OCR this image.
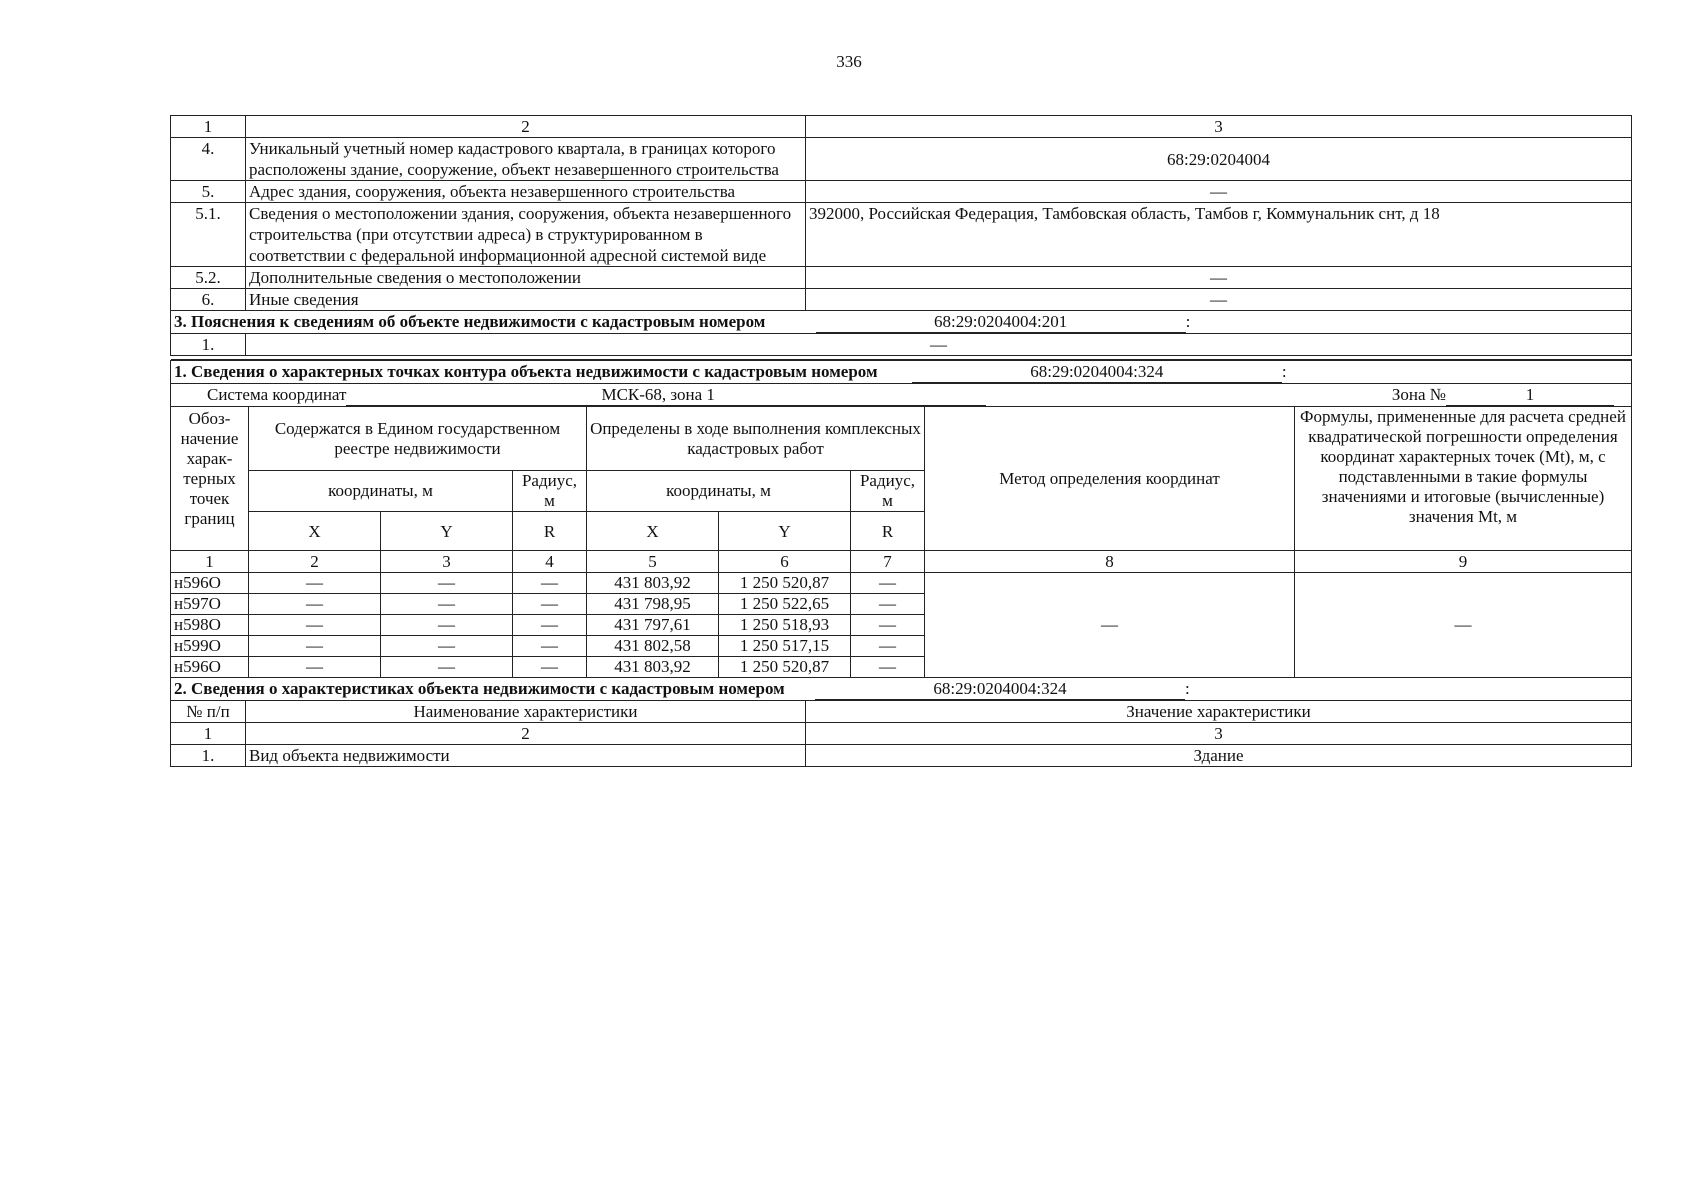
336
1	2	3
4.	Уникальный учетный номер кадастрового квартала, в границах которого расположены здание, сооружение, объект незавершенного строительства	68:29:0204004
5.	Адрес здания, сооружения, объекта незавершенного строительства	—
5.1.	Сведения о местоположении здания, сооружения, объекта незавершенного строительства (при отсутствии адреса) в структурированном в соответствии с федеральной информационной адресной системой виде	392000, Российская Федерация, Тамбовская область, Тамбов г, Коммунальник снт, д 18
5.2.	Дополнительные сведения о местоположении	—
6.	Иные сведения	—
3. Пояснения к сведениям об объекте недвижимости с кадастровым номером	68:29:0204004:201	:
1.	—

1. Сведения о характерных точках контура объекта недвижимости с кадастровым номером 68:29:0204004:324 :								
Система координат МСК-68, зона 1 Зона № 1								

Обоз-начение харак-терных точек границ	Содержатся в Едином государственном реестре недвижимости			Определены в ходе выполнения комплексных кадастровых работ			Метод определения координат	Формулы, примененные для расчета средней квадратической погрешности определения координат характерных точек (Mt), м, с подставленными в такие формулы значениями и итоговые (вычисленные) значения Mt, м
	координаты, м		Радиус, м	координаты, м		Радиус, м		
	X	Y	R	X	Y	R		
1	2	3	4	5	6	7	8	9
н596О	—	—	—	431 803,92	1 250 520,87	—	—	—
н597О	—	—	—	431 798,95	1 250 522,65	—		
н598О	—	—	—	431 797,61	1 250 518,93	—		
н599О	—	—	—	431 802,58	1 250 517,15	—		
н596О	—	—	—	431 803,92	1 250 520,87	—		
2. Сведения о характеристиках объекта недвижимости с кадастровым номером 68:29:0204004:324 :		
№ п/п	Наименование характеристики	Значение характеристики
1	2	3
1.	Вид объекта недвижимости	Здание
